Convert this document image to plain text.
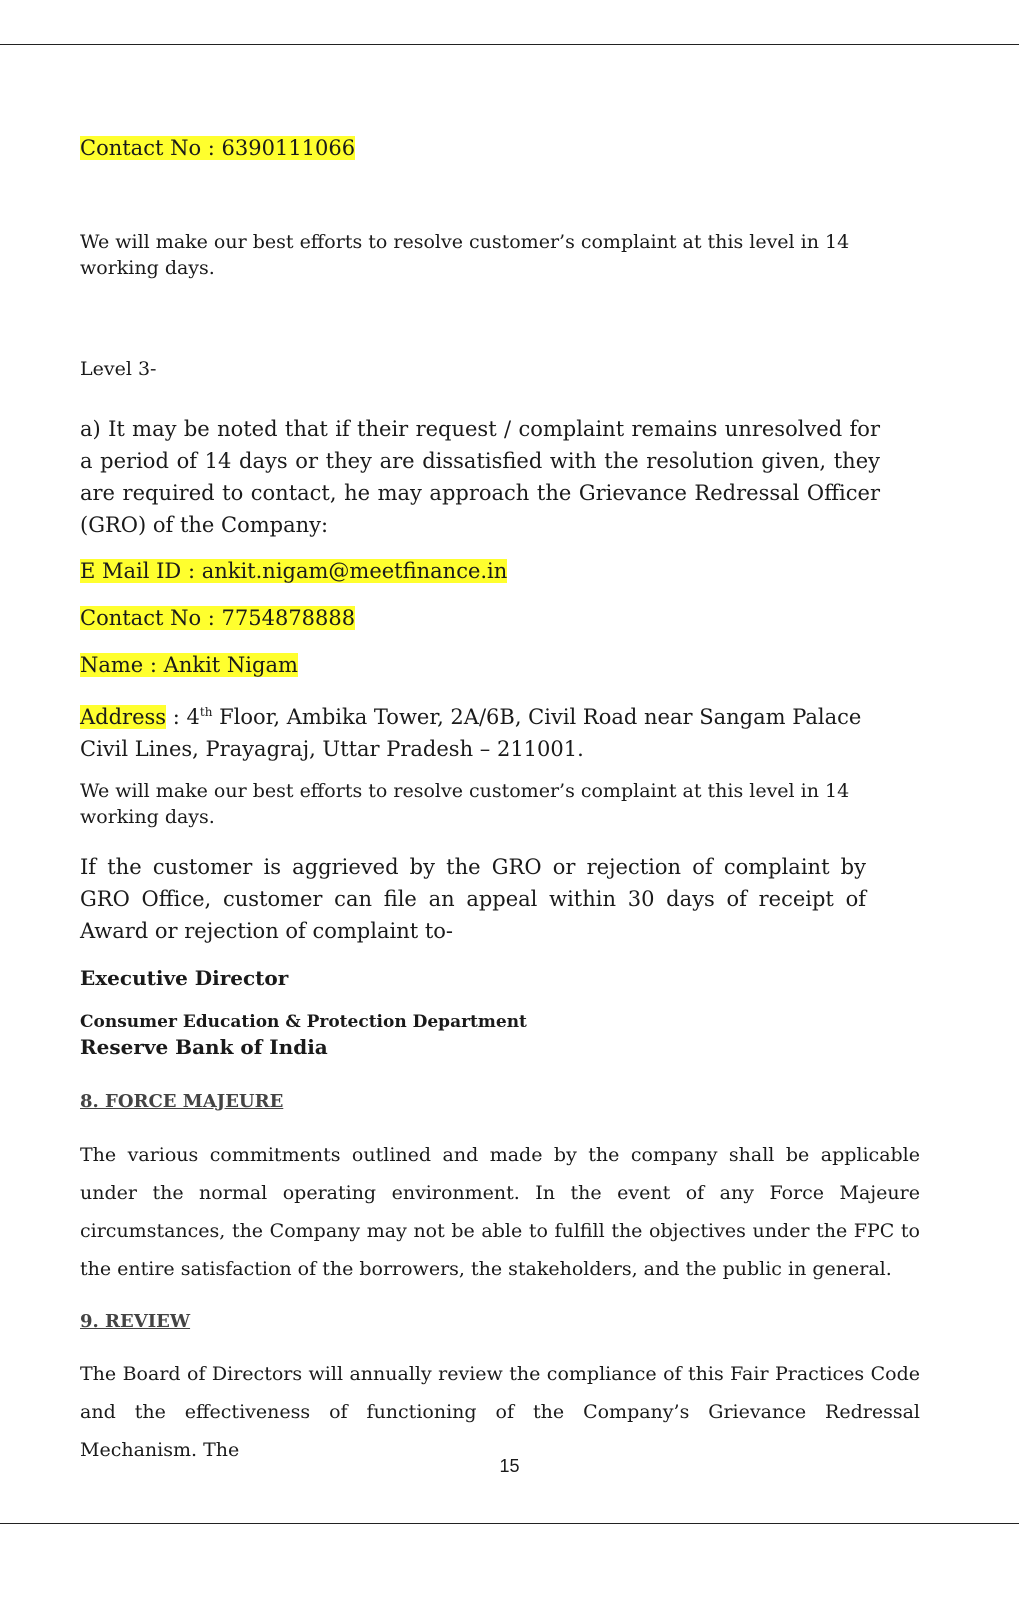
Contact No : 6390111066

We will make our best efforts to resolve customer’s complaint at this level in 14 working days.

Level 3-

a) It may be noted that if their request / complaint remains unresolved for a period of 14 days or they are dissatisfied with the resolution given, they are required to contact, he may approach the Grievance Redressal Officer (GRO) of the Company:

E Mail ID : ankit.nigam@meetfinance.in

Contact No : 7754878888

Name : Ankit Nigam

Address : 4th Floor, Ambika Tower, 2A/6B, Civil Road near Sangam Palace Civil Lines, Prayagraj, Uttar Pradesh – 211001.

We will make our best efforts to resolve customer’s complaint at this level in 14 working days.

If the customer is aggrieved by the GRO or rejection of complaint by GRO Office, customer can file an appeal within 30 days of receipt of Award or rejection of complaint to-

Executive Director

Consumer Education & Protection Department

Reserve Bank of India

8. FORCE MAJEURE

The various commitments outlined and made by the company shall be applicable under the normal operating environment. In the event of any Force Majeure circumstances, the Company may not be able to fulfill the objectives under the FPC to the entire satisfaction of the borrowers, the stakeholders, and the public in general.

9. REVIEW

The Board of Directors will annually review the compliance of this Fair Practices Code and the effectiveness of functioning of the Company’s Grievance Redressal Mechanism. The

15
